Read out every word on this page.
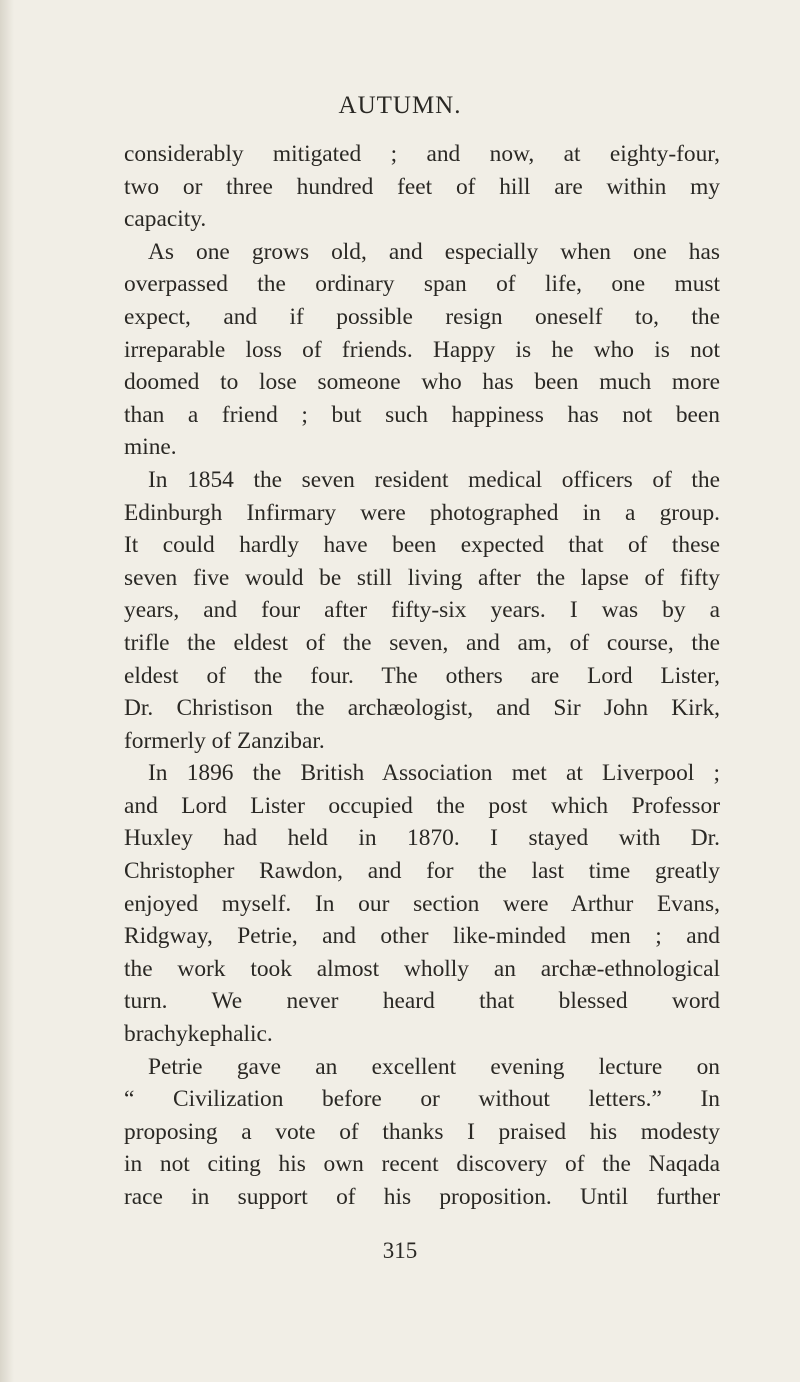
AUTUMN.
considerably mitigated ; and now, at eighty-four,
two or three hundred feet of hill are within my
capacity.
As one grows old, and especially when one has
overpassed the ordinary span of life, one must
expect, and if possible resign oneself to, the
irreparable loss of friends. Happy is he who is not
doomed to lose someone who has been much more
than a friend ; but such happiness has not been
mine.
In 1854 the seven resident medical officers of the
Edinburgh Infirmary were photographed in a group.
It could hardly have been expected that of these
seven five would be still living after the lapse of fifty
years, and four after fifty-six years. I was by a
trifle the eldest of the seven, and am, of course, the
eldest of the four. The others are Lord Lister,
Dr. Christison the archæologist, and Sir John Kirk,
formerly of Zanzibar.
In 1896 the British Association met at Liverpool ;
and Lord Lister occupied the post which Professor
Huxley had held in 1870. I stayed with Dr.
Christopher Rawdon, and for the last time greatly
enjoyed myself. In our section were Arthur Evans,
Ridgway, Petrie, and other like-minded men ; and
the work took almost wholly an archæ-ethnological
turn. We never heard that blessed word
brachykephalic.
Petrie gave an excellent evening lecture on
“ Civilization before or without letters.” In
proposing a vote of thanks I praised his modesty
in not citing his own recent discovery of the Naqada
race in support of his proposition. Until further
315
